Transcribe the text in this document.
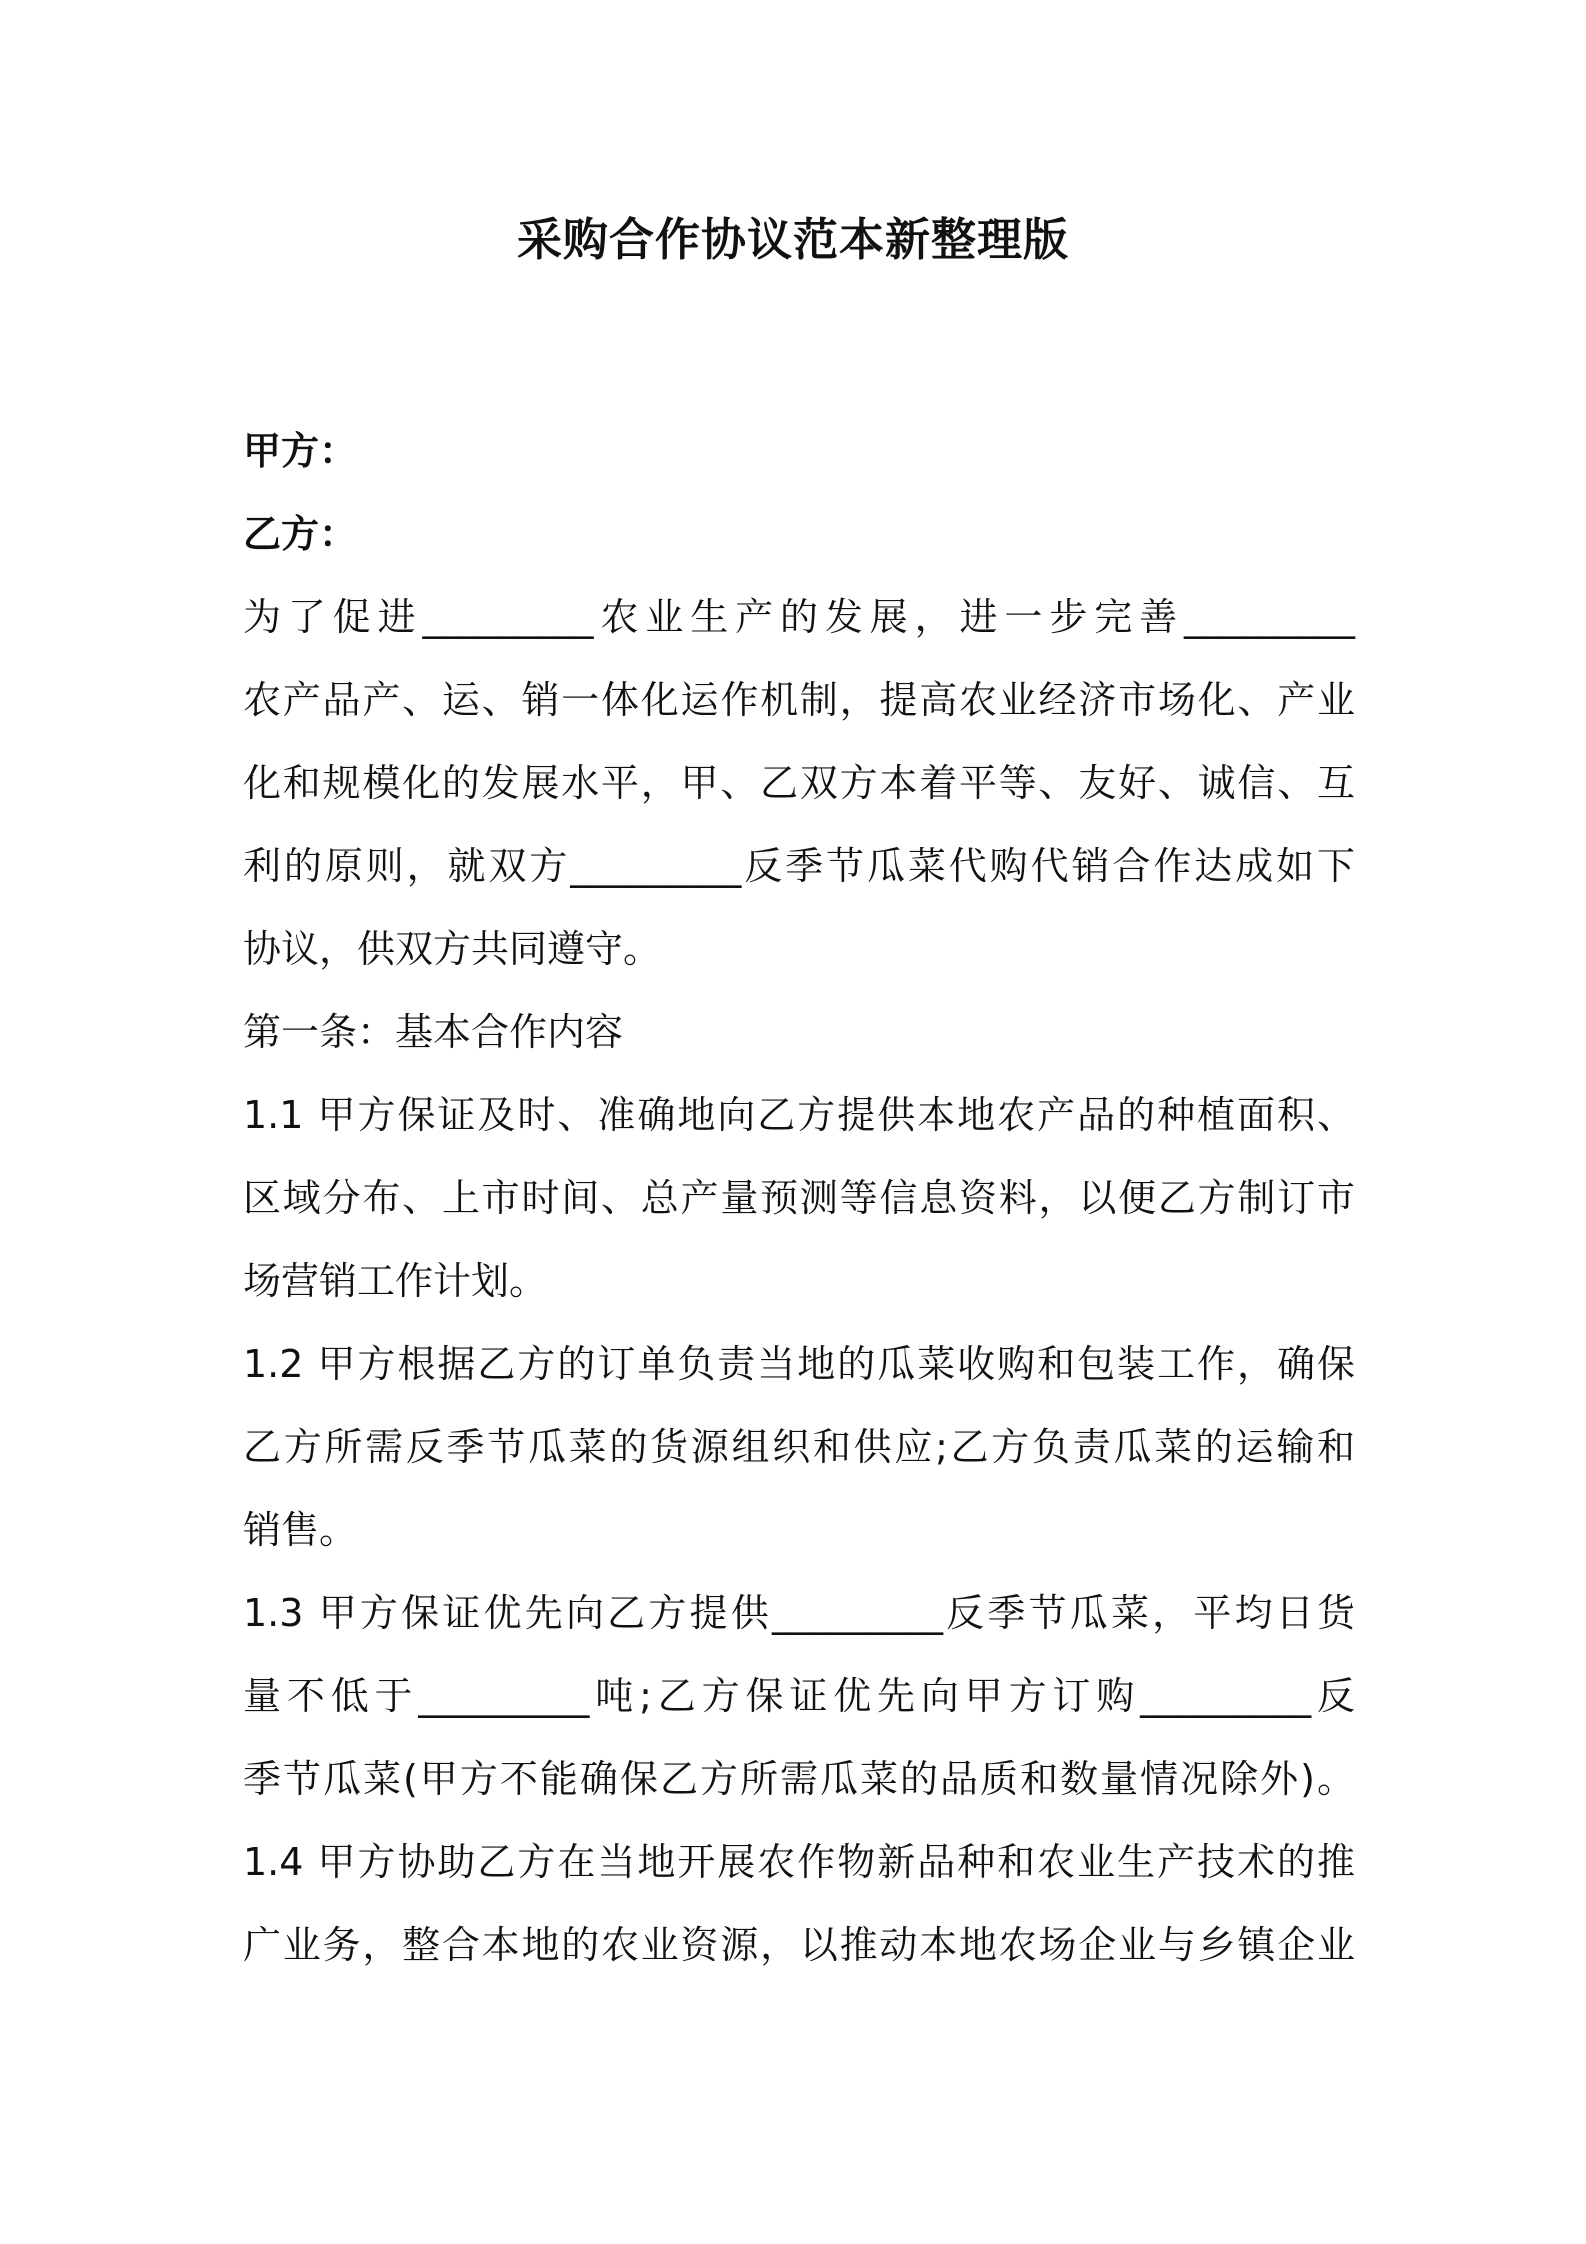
采购合作协议范本新整理版
甲方：
乙方：
为了促进_________农业生产的发展，进一步完善_________
农产品产、运、销一体化运作机制，提高农业经济市场化、产业
化和规模化的发展水平，甲、乙双方本着平等、友好、诚信、互
利的原则，就双方_________反季节瓜菜代购代销合作达成如下
协议，供双方共同遵守。
第一条：基本合作内容
1.1 甲方保证及时、准确地向乙方提供本地农产品的种植面积、
区域分布、上市时间、总产量预测等信息资料，以便乙方制订市
场营销工作计划。
1.2 甲方根据乙方的订单负责当地的瓜菜收购和包装工作，确保
乙方所需反季节瓜菜的货源组织和供应;乙方负责瓜菜的运输和
销售。
1.3 甲方保证优先向乙方提供_________反季节瓜菜，平均日货
量不低于_________吨;乙方保证优先向甲方订购_________反
季节瓜菜(甲方不能确保乙方所需瓜菜的品质和数量情况除外)。
1.4 甲方协助乙方在当地开展农作物新品种和农业生产技术的推
广业务，整合本地的农业资源，以推动本地农场企业与乡镇企业
